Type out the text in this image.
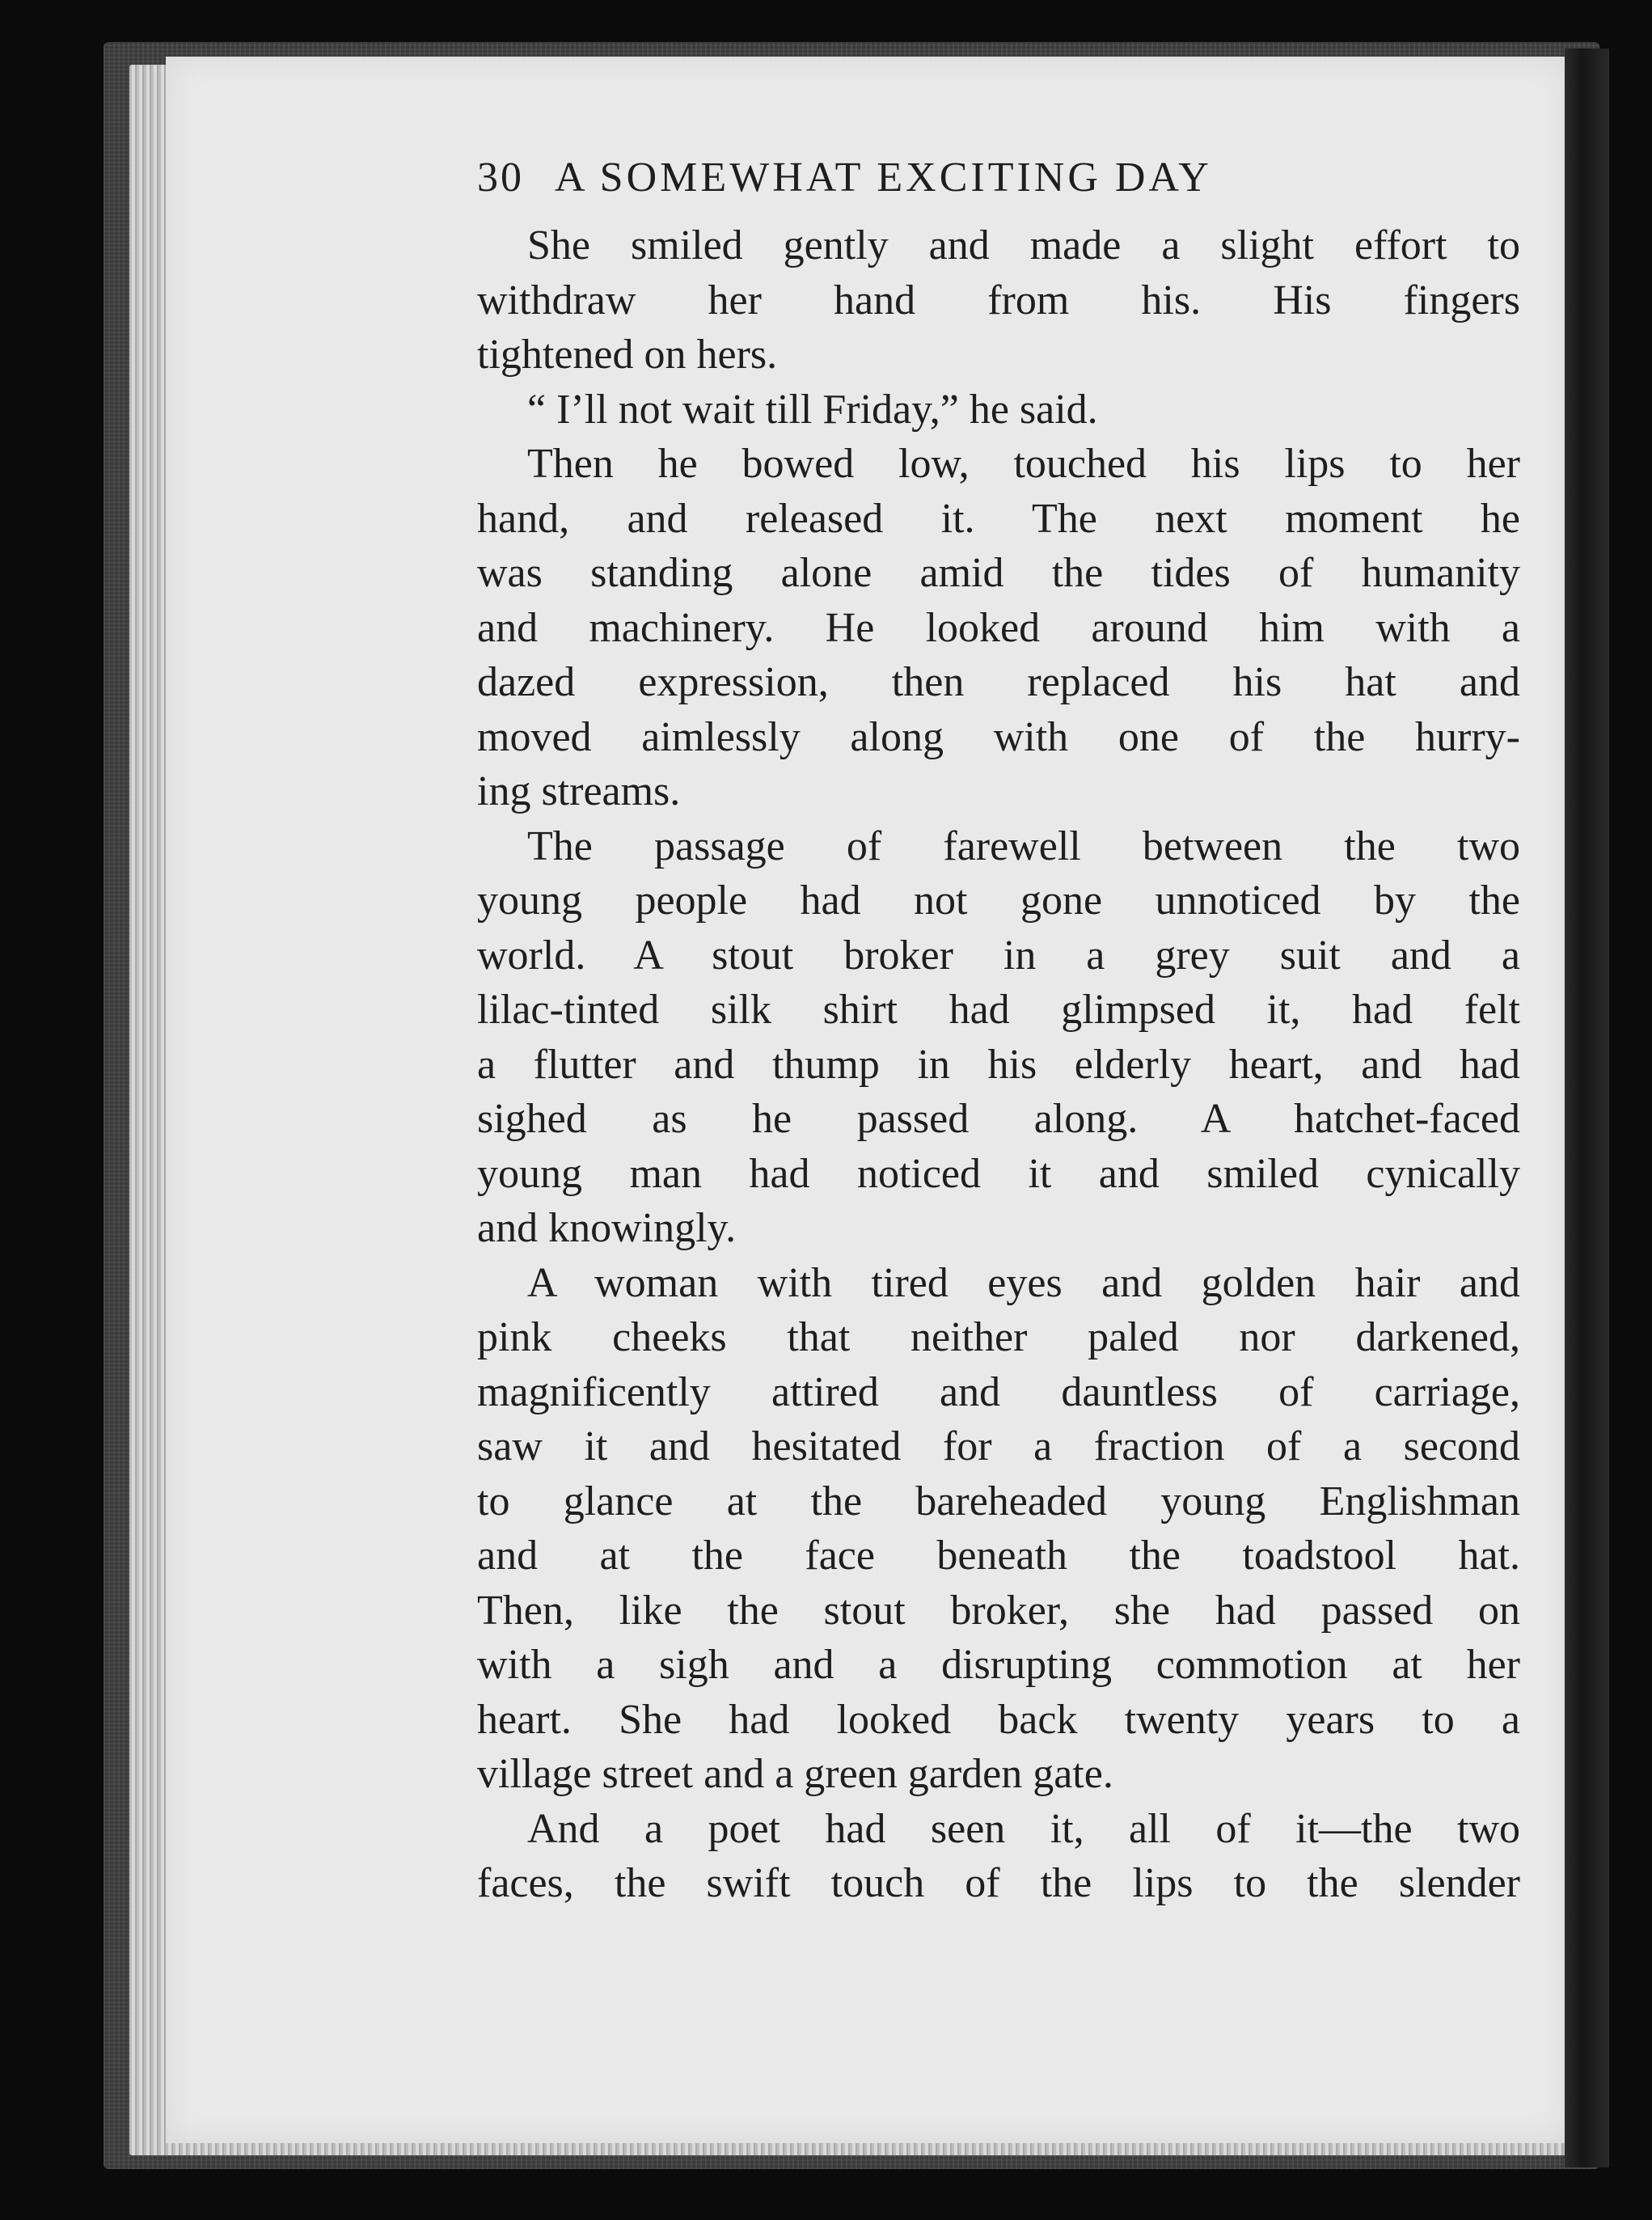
30 A SOMEWHAT EXCITING DAY
She smiled gently and made a slight effort to
withdraw her hand from his. His fingers
tightened on hers.
“ I’ll not wait till Friday,” he said.
Then he bowed low, touched his lips to her
hand, and released it. The next moment he
was standing alone amid the tides of humanity
and machinery. He looked around him with a
dazed expression, then replaced his hat and
moved aimlessly along with one of the hurry-
ing streams.
The passage of farewell between the two
young people had not gone unnoticed by the
world. A stout broker in a grey suit and a
lilac-tinted silk shirt had glimpsed it, had felt
a flutter and thump in his elderly heart, and had
sighed as he passed along. A hatchet-faced
young man had noticed it and smiled cynically
and knowingly.
A woman with tired eyes and golden hair and
pink cheeks that neither paled nor darkened,
magnificently attired and dauntless of carriage,
saw it and hesitated for a fraction of a second
to glance at the bareheaded young Englishman
and at the face beneath the toadstool hat.
Then, like the stout broker, she had passed on
with a sigh and a disrupting commotion at her
heart. She had looked back twenty years to a
village street and a green garden gate.
And a poet had seen it, all of it—the two
faces, the swift touch of the lips to the slender
